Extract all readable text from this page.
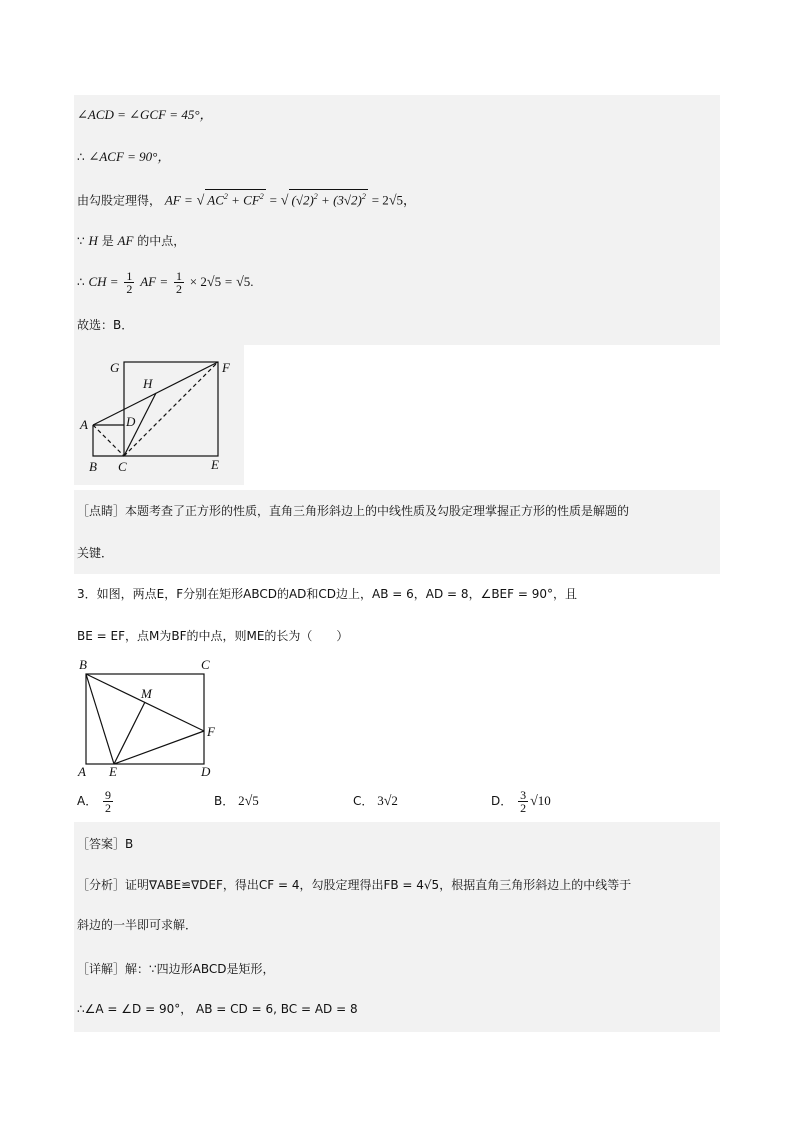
∠ACD = ∠GCF = 45°，
∴ ∠ACF = 90°，
由勾股定理得， AF = √ $AC^2 + CF^2$ = √ $(√2)^2 + (3√2)^2 = 2√5$，
∵ H 是 AF 的中点，
∴ CH = $\frac{1}{2}$ AF = $\frac{1}{2} \times 2√5 = √5$.
故选：B．
G	F
H
A	D
B C	E
［点睛］本题考查了正方形的性质，直角三角形斜边上的中线性质及勾股定理掌握正方形的性质是解题的
关键．
3．如图，两点E，F分别在矩形ABCD的AD和CD边上，AB = 6，AD = 8，∠BEF = 90°，且
BE = EF，点M为BF的中点，则ME的长为（　　）
B	C
M
F
A E	D
A． $\frac{9}{2}$	B． 2√5	C． 3√2	D． $\frac{3}{2} √10$
［答案］B
［分析］证明∇ABE≌∇DEF，得出CF = 4，勾股定理得出FB = 4√5，根据直角三角形斜边上的中线等于
斜边的一半即可求解．
［详解］解：∵四边形ABCD是矩形，
∴∠A = ∠D = 90°， AB = CD = 6, BC = AD = 8
